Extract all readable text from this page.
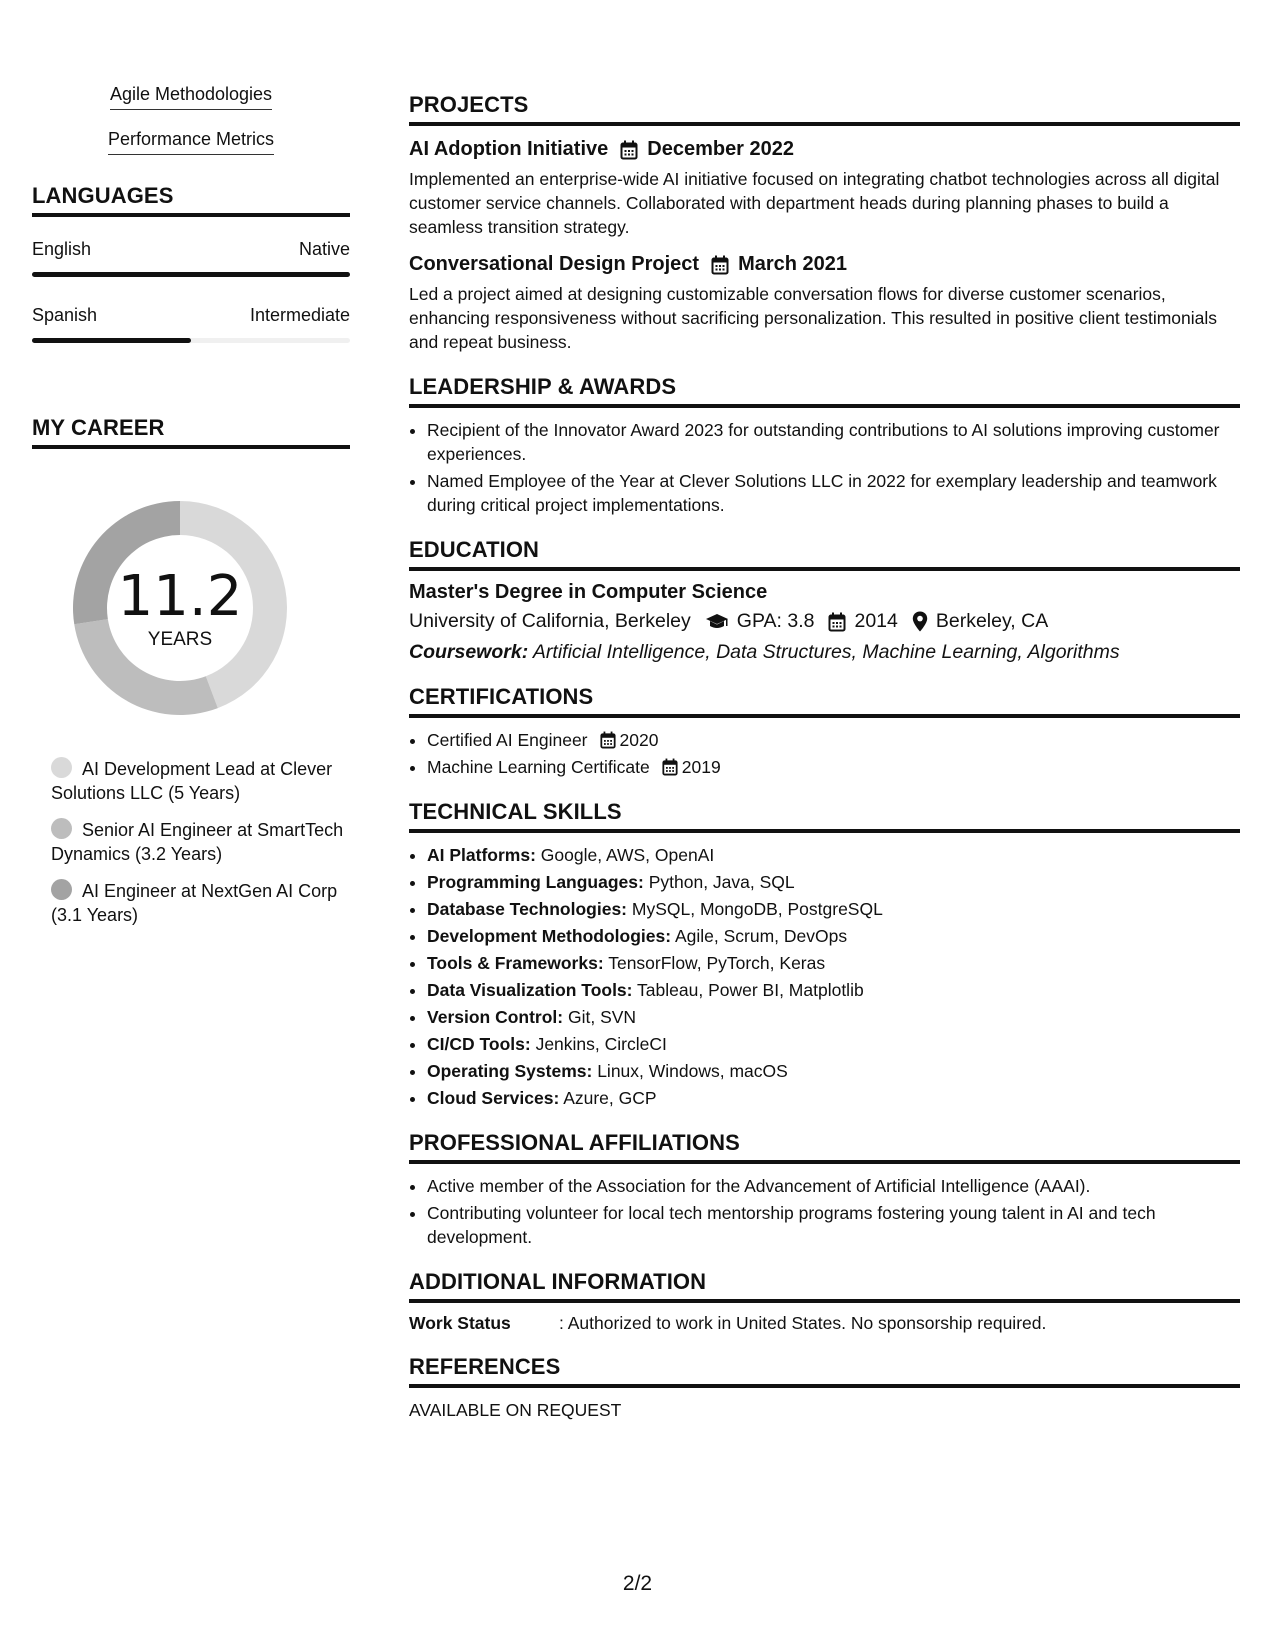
Agile Methodologies
Performance Metrics
LANGUAGES
English	Native
Spanish	Intermediate
MY CAREER
11.2
YEARS
AI Development Lead at Clever Solutions LLC (5 Years)
Senior AI Engineer at SmartTech Dynamics (3.2 Years)
AI Engineer at NextGen AI Corp (3.1 Years)
PROJECTS
AI Adoption Initiative December 2022
Implemented an enterprise-wide AI initiative focused on integrating chatbot technologies across all digital customer service channels. Collaborated with department heads during planning phases to build a seamless transition strategy.
Conversational Design Project March 2021
Led a project aimed at designing customizable conversation flows for diverse customer scenarios, enhancing responsiveness without sacrificing personalization. This resulted in positive client testimonials and repeat business.
LEADERSHIP & AWARDS
• Recipient of the Innovator Award 2023 for outstanding contributions to AI solutions improving customer experiences.
• Named Employee of the Year at Clever Solutions LLC in 2022 for exemplary leadership and teamwork during critical project implementations.
EDUCATION
Master's Degree in Computer Science
University of California, Berkeley GPA: 3.8 2014 Berkeley, CA
Coursework: Artificial Intelligence, Data Structures, Machine Learning, Algorithms
CERTIFICATIONS
• Certified AI Engineer 2020
• Machine Learning Certificate 2019
TECHNICAL SKILLS
• AI Platforms: Google, AWS, OpenAI
• Programming Languages: Python, Java, SQL
• Database Technologies: MySQL, MongoDB, PostgreSQL
• Development Methodologies: Agile, Scrum, DevOps
• Tools & Frameworks: TensorFlow, PyTorch, Keras
• Data Visualization Tools: Tableau, Power BI, Matplotlib
• Version Control: Git, SVN
• CI/CD Tools: Jenkins, CircleCI
• Operating Systems: Linux, Windows, macOS
• Cloud Services: Azure, GCP
PROFESSIONAL AFFILIATIONS
• Active member of the Association for the Advancement of Artificial Intelligence (AAAI).
• Contributing volunteer for local tech mentorship programs fostering young talent in AI and tech development.
ADDITIONAL INFORMATION
Work Status	: Authorized to work in United States. No sponsorship required.
REFERENCES
AVAILABLE ON REQUEST
2/2
